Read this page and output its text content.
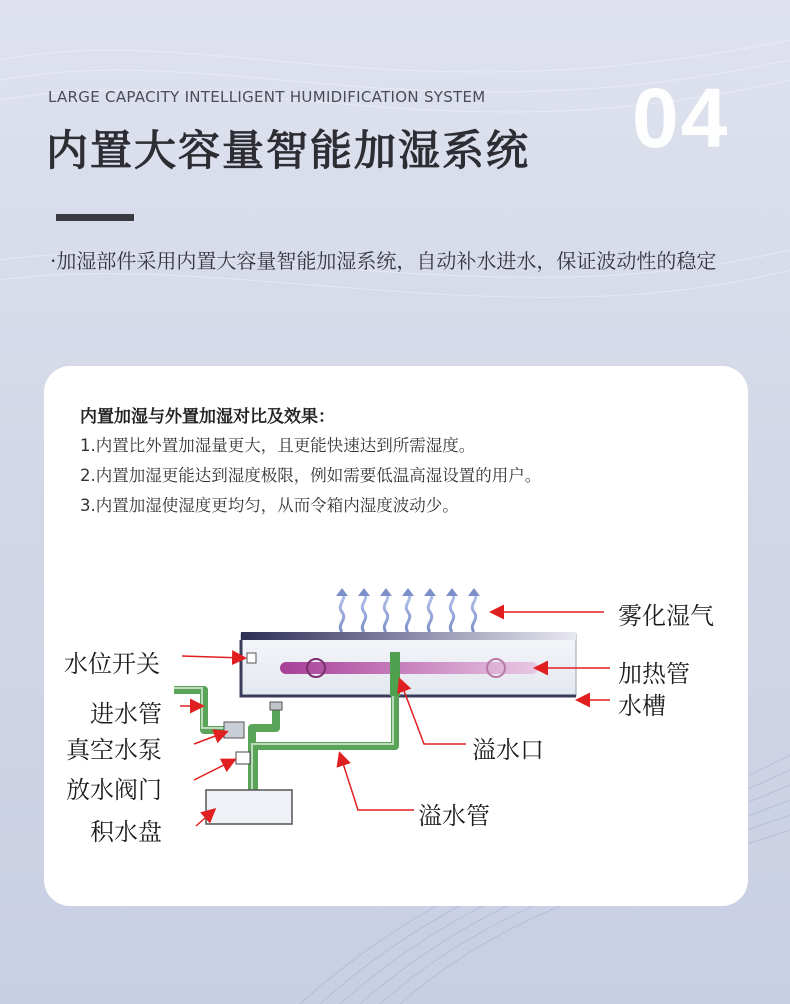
LARGE CAPACITY INTELLIGENT HUMIDIFICATION SYSTEM 04
内置大容量智能加湿系统
·加湿部件采用内置大容量智能加湿系统，自动补水进水，保证波动性的稳定
内置加湿与外置加湿对比及效果：
1.内置比外置加湿量更大，且更能快速达到所需湿度。
2.内置加湿更能达到湿度极限，例如需要低温高湿设置的用户。
3.内置加湿使湿度更均匀，从而令箱内湿度波动少。
雾化湿气
水位开关	加热管
水槽
进水管
真空水泵	溢水口
放水阀门
溢水管
积水盘
